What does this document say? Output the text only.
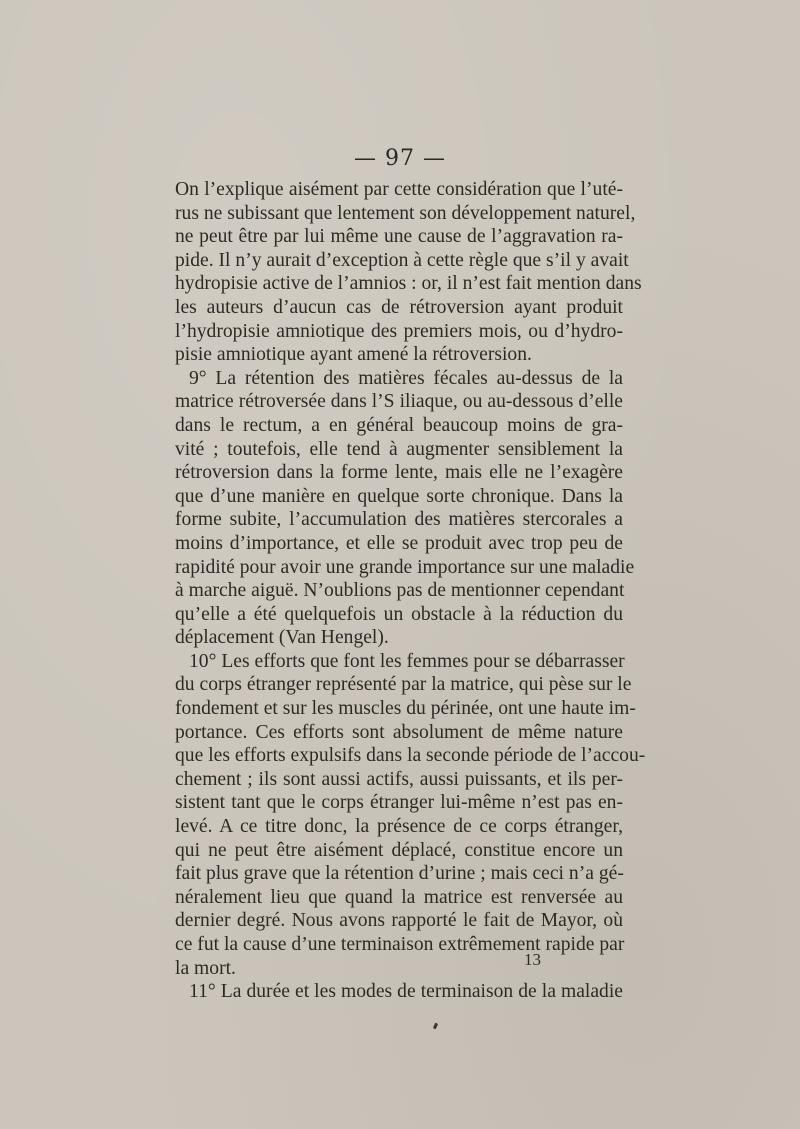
— 97 —
On l’explique aisément par cette considération que l’uté-
rus ne subissant que lentement son développement naturel,
ne peut être par lui même une cause de l’aggravation ra-
pide. Il n’y aurait d’exception à cette règle que s’il y avait
hydropisie active de l’amnios : or, il n’est fait mention dans
les auteurs d’aucun cas de rétroversion ayant produit
l’hydropisie amniotique des premiers mois, ou d’hydro-
pisie amniotique ayant amené la rétroversion.
9° La rétention des matières fécales au-dessus de la
matrice rétroversée dans l’S iliaque, ou au-dessous d’elle
dans le rectum, a en général beaucoup moins de gra-
vité ; toutefois, elle tend à augmenter sensiblement la
rétroversion dans la forme lente, mais elle ne l’exagère
que d’une manière en quelque sorte chronique. Dans la
forme subite, l’accumulation des matières stercorales a
moins d’importance, et elle se produit avec trop peu de
rapidité pour avoir une grande importance sur une maladie
à marche aiguë. N’oublions pas de mentionner cependant
qu’elle a été quelquefois un obstacle à la réduction du
déplacement (Van Hengel).
10° Les efforts que font les femmes pour se débarrasser
du corps étranger représenté par la matrice, qui pèse sur le
fondement et sur les muscles du périnée, ont une haute im-
portance. Ces efforts sont absolument de même nature
que les efforts expulsifs dans la seconde période de l’accou-
chement ; ils sont aussi actifs, aussi puissants, et ils per-
sistent tant que le corps étranger lui-même n’est pas en-
levé. A ce titre donc, la présence de ce corps étranger,
qui ne peut être aisément déplacé, constitue encore un
fait plus grave que la rétention d’urine ; mais ceci n’a gé-
néralement lieu que quand la matrice est renversée au
dernier degré. Nous avons rapporté le fait de Mayor, où
ce fut la cause d’une terminaison extrêmement rapide par
la mort.
11° La durée et les modes de terminaison de la maladie
13
